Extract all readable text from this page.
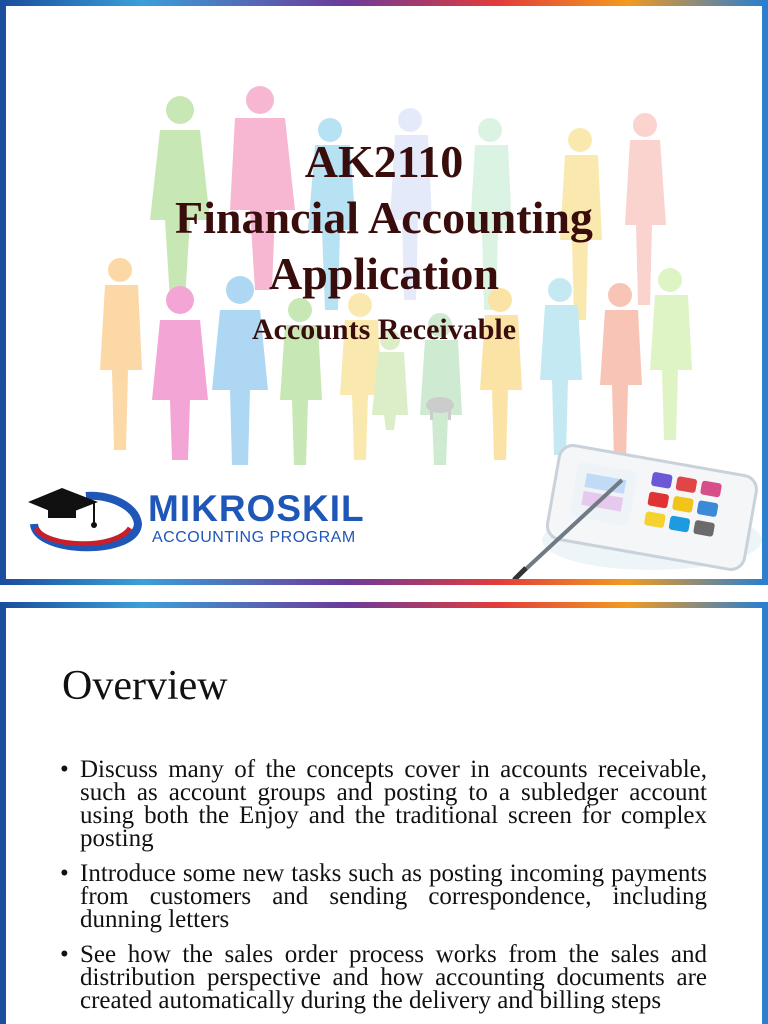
AK2110
Financial Accounting
Application
Accounts Receivable
MIKROSKIL
ACCOUNTING PROGRAM
Overview
• Discuss many of the concepts cover in accounts receivable, such as account groups and posting to a subledger account using both the Enjoy and the traditional screen for complex posting
• Introduce some new tasks such as posting incoming payments from customers and sending correspondence, including dunning letters
• See how the sales order process works from the sales and distribution perspective and how accounting documents are created automatically during the delivery and billing steps
